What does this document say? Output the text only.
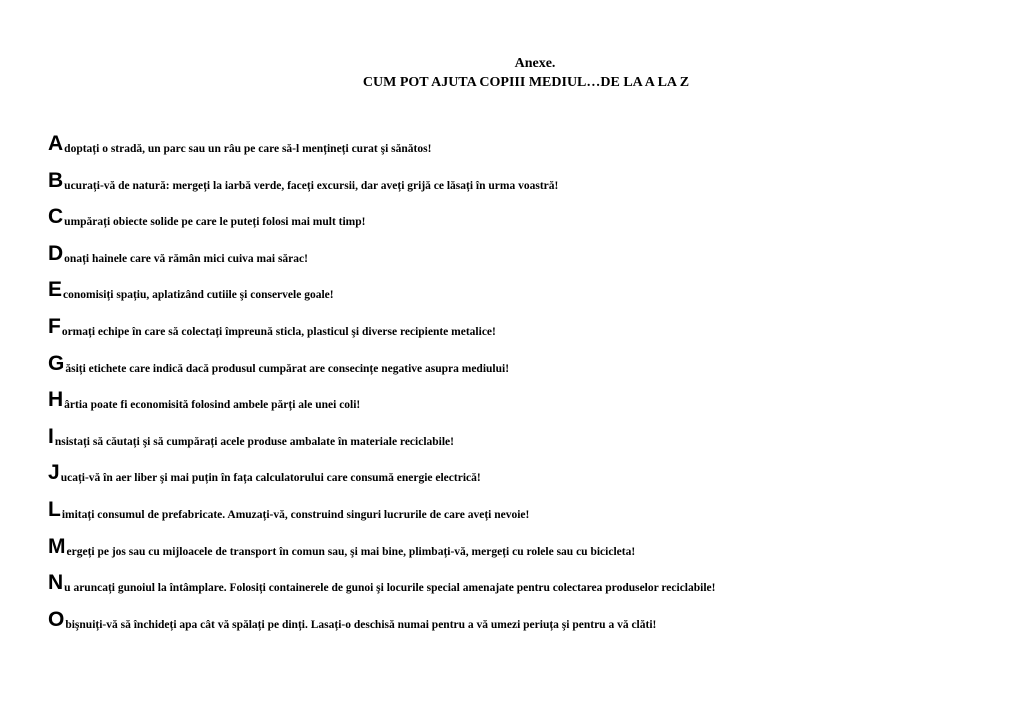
Anexe.
CUM POT AJUTA COPIII MEDIUL…DE LA A LA Z
A doptați o stradă, un parc sau un râu pe care să-l mențineți curat şi sănătos!
B ucurați-vă de natură: mergeți la iarbă verde, faceți excursii, dar aveți grijă ce lăsați în urma voastră!
C umpărați obiecte solide pe care le puteți folosi mai mult timp!
D onați hainele care vă rămân mici cuiva mai sărac!
E conomisiți spațiu, aplatizând cutiile şi conservele goale!
F ormați echipe în care să colectați împreună sticla, plasticul şi diverse recipiente metalice!
G ăsiți etichete care indică dacă produsul cumpărat are consecințe negative asupra mediului!
H ârtia poate fi economisită folosind ambele părți ale unei coli!
I nsistați să căutați şi să cumpărați acele produse ambalate în materiale reciclabile!
J ucați-vă în aer liber şi mai puțin în fața calculatorului care consumă energie electrică!
L imitați consumul de prefabricate. Amuzați-vă, construind singuri lucrurile de care aveți nevoie!
M ergeți pe jos sau cu mijloacele de transport în comun sau, şi mai bine, plimbați-vă, mergeți cu rolele sau cu bicicleta!
N u aruncați gunoiul la întâmplare. Folosiți containerele de gunoi şi locurile special amenajate pentru colectarea produselor reciclabile!
O bişnuiți-vă să închideți apa cât vă spălați pe dinți. Lasați-o deschisă numai pentru a vă umezi periuța şi pentru a vă clăti!
